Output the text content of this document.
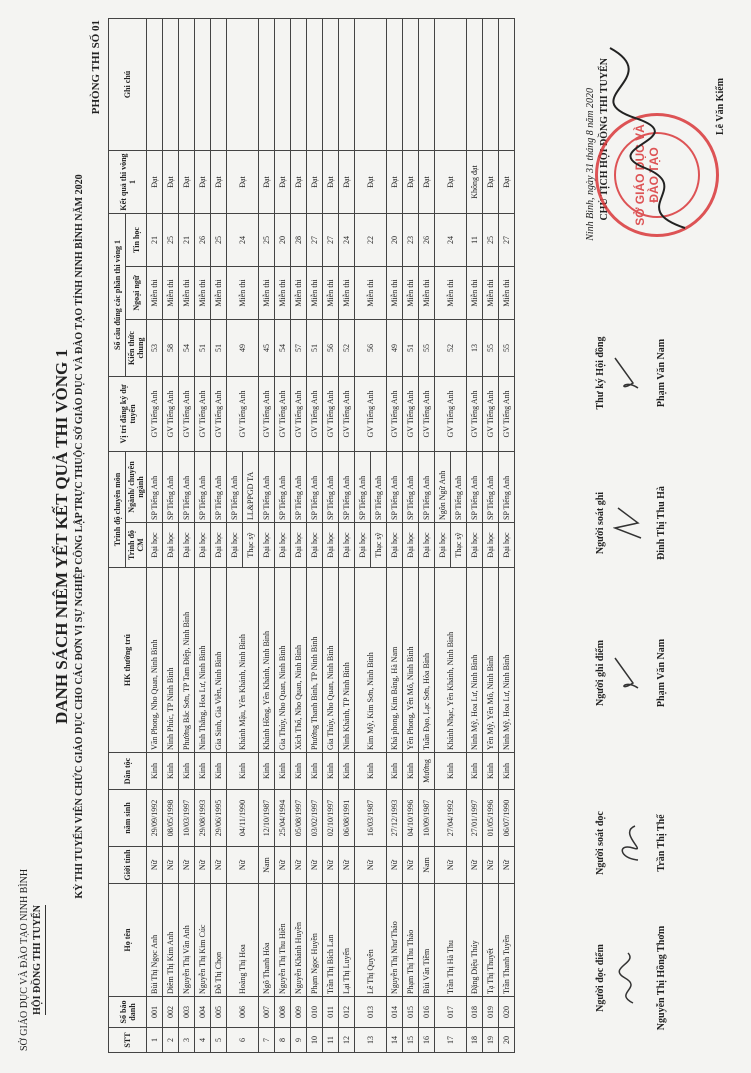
SỞ GIÁO DỤC VÀ ĐÀO TẠO NINH BÌNH HỘI ĐỒNG THI TUYỂN
DANH SÁCH NIÊM YẾT KẾT QUẢ THI VÒNG 1 KỲ THI TUYỂN VIÊN CHỨC GIÁO DỤC CHO CÁC ĐƠN VỊ SỰ NGHIỆP CÔNG LẬP TRỰC THUỘC SỞ GIÁO DỤC VÀ ĐÀO TẠO TỈNH NINH BÌNH NĂM 2020
PHÒNG THI SỐ 01
STT	Số báo danh	Họ tên	Giới tính	năm sinh	Dân tộc	HK thường trú	Trình độ chuyên môn		Vị trí đăng ký dự tuyển	Số câu đúng các phần thi vòng 1			Kết quả thi vòng 1	Ghi chú
							Trình độ CM	Ngành/ chuyên ngành		Kiến thức chung	Ngoại ngữ	Tin học		
1	001	Bùi Thị Ngọc Anh	Nữ	29/09/1992	Kinh	Văn Phong, Nho Quan, Ninh Bình	Đại học	SP Tiếng Anh	GV Tiếng Anh	53	Miễn thi	21	Đạt	
2	002	Diêm Thị Kim Anh	Nữ	08/05/1998	Kinh	Ninh Phúc, TP Ninh Bình	Đại học	SP Tiếng Anh	GV Tiếng Anh	58	Miễn thi	25	Đạt	
3	003	Nguyễn Thị Vân Anh	Nữ	10/03/1997	Kinh	Phường Bắc Sơn, TP Tam Điệp, Ninh Bình	Đại học	SP Tiếng Anh	GV Tiếng Anh	54	Miễn thi	21	Đạt	
4	004	Nguyễn Thị Kim Cúc	Nữ	29/08/1993	Kinh	Ninh Thắng, Hoa Lư, Ninh Bình	Đại học	SP Tiếng Anh	GV Tiếng Anh	51	Miễn thi	26	Đạt	
5	005	Đỗ Thị Chọn	Nữ	29/06/1995	Kinh	Gia Sinh, Gia Viễn, Ninh Bình	Đại học	SP Tiếng Anh	GV Tiếng Anh	51	Miễn thi	25	Đạt	
6	006	Hoàng Thị Hoa	Nữ	04/11/1990	Kinh	Khánh Mậu, Yên Khánh, Ninh Bình	Đại học	SP Tiếng Anh	GV Tiếng Anh	49	Miễn thi	24	Đạt	
							Thạc sỹ	LL&PPGD TA						
7	007	Ngô Thanh Hòa	Nam	12/10/1987	Kinh	Khánh Hồng, Yên Khánh, Ninh Bình	Đại học	SP Tiếng Anh	GV Tiếng Anh	45	Miễn thi	25	Đạt	
8	008	Nguyễn Thị Thu Hiền	Nữ	25/04/1994	Kinh	Gia Thủy, Nho Quan, Ninh Bình	Đại học	SP Tiếng Anh	GV Tiếng Anh	54	Miễn thi	20	Đạt	
9	009	Nguyễn Khánh Huyền	Nữ	05/08/1997	Kinh	Xích Thổ, Nho Quan, Ninh Bình	Đại học	SP Tiếng Anh	GV Tiếng Anh	57	Miễn thi	28	Đạt	
10	010	Phạm Ngọc Huyền	Nữ	03/02/1997	Kinh	Phường Thanh Bình, TP Ninh Bình	Đại học	SP Tiếng Anh	GV Tiếng Anh	51	Miễn thi	27	Đạt	
11	011	Trần Thị Bích Lan	Nữ	02/10/1997	Kinh	Gia Thủy, Nho Quan, Ninh Bình	Đại học	SP Tiếng Anh	GV Tiếng Anh	56	Miễn thi	27	Đạt	
12	012	Lại Thị Luyến	Nữ	06/08/1991	Kinh	Ninh Khánh, TP Ninh Bình	Đại học	SP Tiếng Anh	GV Tiếng Anh	52	Miễn thi	24	Đạt	
13	013	Lê Thị Quyên	Nữ	16/03/1987	Kinh	Kim Mỹ, Kim Sơn, Ninh Bình	Đại học	SP Tiếng Anh	GV Tiếng Anh	56	Miễn thi	22	Đạt	
							Thạc sỹ	SP Tiếng Anh						
14	014	Nguyễn Thị Như Thảo	Nữ	27/12/1993	Kinh	Khả phong, Kim Bảng, Hà Nam	Đại học	SP Tiếng Anh	GV Tiếng Anh	49	Miễn thi	20	Đạt	
15	015	Phạm Thị Thu Thảo	Nữ	04/10/1996	Kinh	Yên Phong, Yên Mô, Ninh Bình	Đại học	SP Tiếng Anh	GV Tiếng Anh	51	Miễn thi	23	Đạt	
16	016	Bùi Văn Tiềm	Nam	10/09/1987	Mường	Tuân Đạo, Lạc Sơn, Hòa Bình	Đại học	SP Tiếng Anh	GV Tiếng Anh	55	Miễn thi	26	Đạt	
17	017	Trần Thị Hà Thu	Nữ	27/04/1992	Kinh	Khánh Nhạc, Yên Khánh, Ninh Bình	Đại học	Ngôn Ngữ Anh	GV Tiếng Anh	52	Miễn thi	24	Đạt	
							Thạc sỹ	SP Tiếng Anh						
18	018	Đặng Diệu Thúy	Nữ	27/01/1997	Kinh	Ninh Mỹ, Hoa Lư, Ninh Bình	Đại học	SP Tiếng Anh	GV Tiếng Anh	13	Miễn thi	11	Không đạt	
19	019	Tạ Thị Thuyết	Nữ	01/05/1996	Kinh	Yên Mỹ, Yên Mô, Ninh Bình	Đại học	SP Tiếng Anh	GV Tiếng Anh	55	Miễn thi	25	Đạt	
20	020	Trần Thanh Tuyền	Nữ	06/07/1990	Kinh	Ninh Mỹ, Hoa Lư, Ninh Bình	Đại học	SP Tiếng Anh	GV Tiếng Anh	55	Miễn thi	27	Đạt	
Người đọc điểm	Nguyễn Thị Hồng Thơm
Người soát đọc	Trần Thị Thể
Người ghi điểm	Phạm Văn Nam
Người soát ghi	Đinh Thị Thu Hà
Thư ký Hội đồng	Phạm Văn Nam
Ninh Bình, ngày 31 tháng 8 năm 2020 CHỦ TỊCH HỘI ĐỒNG THI TUYỂN SỞ GIÁO DỤC VÀ ĐÀO TẠO
Lê Văn Kiểm
